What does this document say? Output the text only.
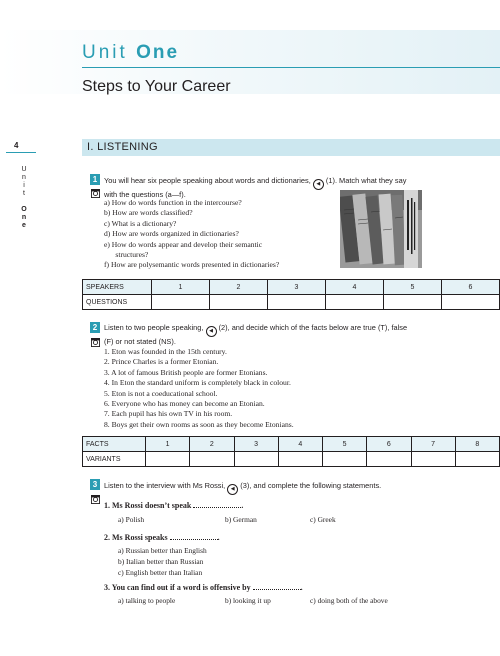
Unit One
Steps to Your Career
4
U
n
i
t

O
n
e
I. LISTENING
1 You will hear six people speaking about words and dictionaries, ◀ (1). Match what they say
with the questions (a—f).
a) How do words function in the intercourse?
b) How are words classified?
c) What is a dictionary?
d) How are words organized in dictionaries?
e) How do words appear and develop their semantic
structures?
f) How are polysemantic words presented in dictionaries?
SPEAKERS	1	2	3	4	5	6
QUESTIONS						
2 Listen to two people speaking, ◀ (2), and decide which of the facts below are true (T), false
(F) or not stated (NS).
1. Eton was founded in the 15th century.
2. Prince Charles is a former Etonian.
3. A lot of famous British people are former Etonians.
4. In Eton the standard uniform is completely black in colour.
5. Eton is not a coeducational school.
6. Everyone who has money can become an Etonian.
7. Each pupil has his own TV in his room.
8. Boys get their own rooms as soon as they become Etonians.
FACTS	1	2	3	4	5	6	7	8
VARIANTS								
3 Listen to the interview with Ms Rossi, ◀ (3), and complete the following statements.
1. Ms Rossi doesn’t speak	.
a) Polish	b) German	c) Greek
2. Ms Rossi speaks	.
a) Russian better than English
b) Italian better than Russian
c) English better than Italian
3. You can find out if a word is offensive by	.
a) talking to people	b) looking it up	c) doing both of the above
